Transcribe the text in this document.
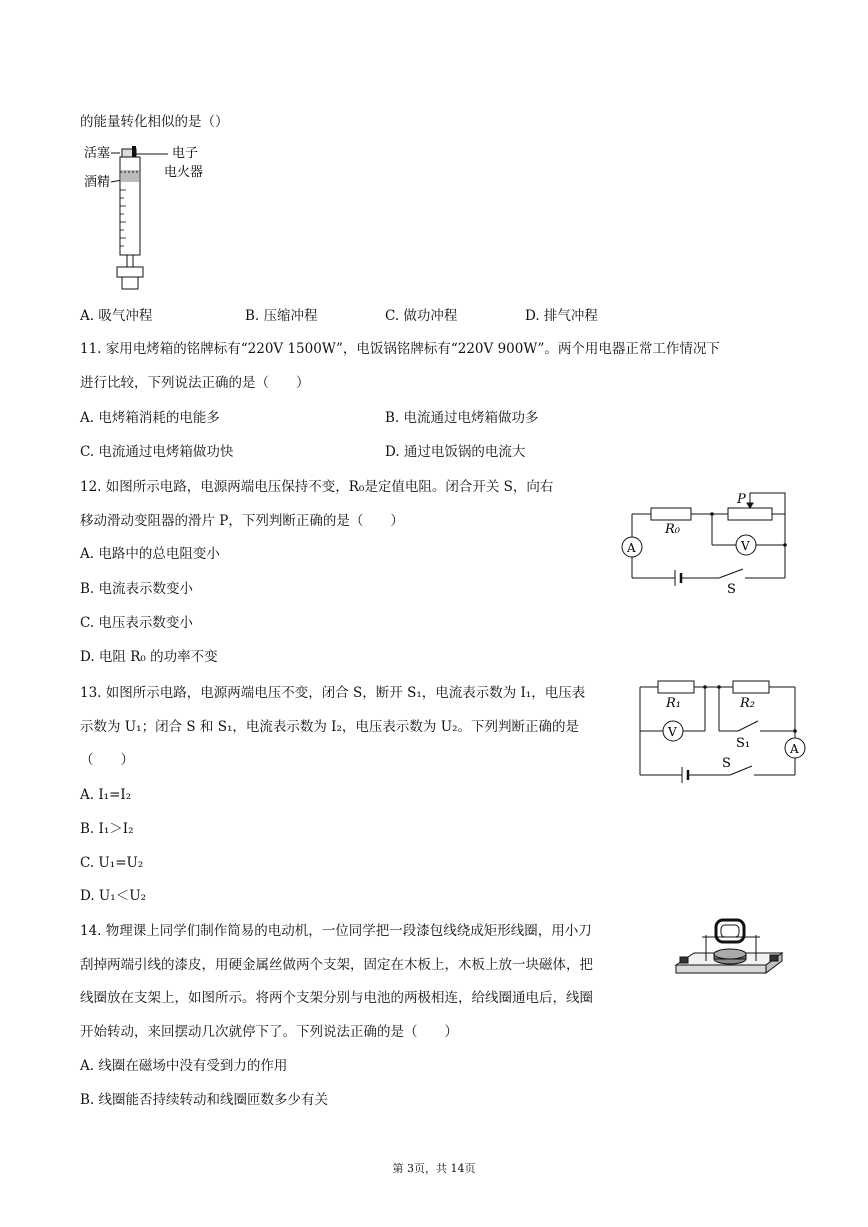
的能量转化相似的是（）
活塞
酒精
电子
电火器
A. 吸气冲程	B. 压缩冲程	C. 做功冲程	D. 排气冲程
11. 家用电烤箱的铭牌标有“220V 1500W”，电饭锅铭牌标有“220V 900W”。两个用电器正常工作情况下
进行比较，下列说法正确的是（　　）
A. 电烤箱消耗的电能多	B. 电流通过电烤箱做功多
C. 电流通过电烤箱做功快	D. 通过电饭锅的电流大
12. 如图所示电路，电源两端电压保持不变，R₀是定值电阻。闭合开关 S，向右
移动滑动变阻器的滑片 P，下列判断正确的是（　　）
A. 电路中的总电阻变小
B. 电流表示数变小
C. 电压表示数变小
D. 电阻 R₀ 的功率不变
P
R₀
A	V
S
13. 如图所示电路，电源两端电压不变，闭合 S，断开 S₁，电流表示数为 I₁，电压表
示数为 U₁；闭合 S 和 S₁，电流表示数为 I₂，电压表示数为 U₂。下列判断正确的是
（　　）
A. I₁=I₂
B. I₁＞I₂
C. U₁=U₂
D. U₁＜U₂
R₁	R₂
V
A
S₁
S
14. 物理课上同学们制作简易的电动机，一位同学把一段漆包线绕成矩形线圈，用小刀
刮掉两端引线的漆皮，用硬金属丝做两个支架，固定在木板上，木板上放一块磁体，把
线圈放在支架上，如图所示。将两个支架分别与电池的两极相连，给线圈通电后，线圈
开始转动，来回摆动几次就停下了。下列说法正确的是（　　）
A. 线圈在磁场中没有受到力的作用
B. 线圈能否持续转动和线圈匝数多少有关
第 3页，共 14页
